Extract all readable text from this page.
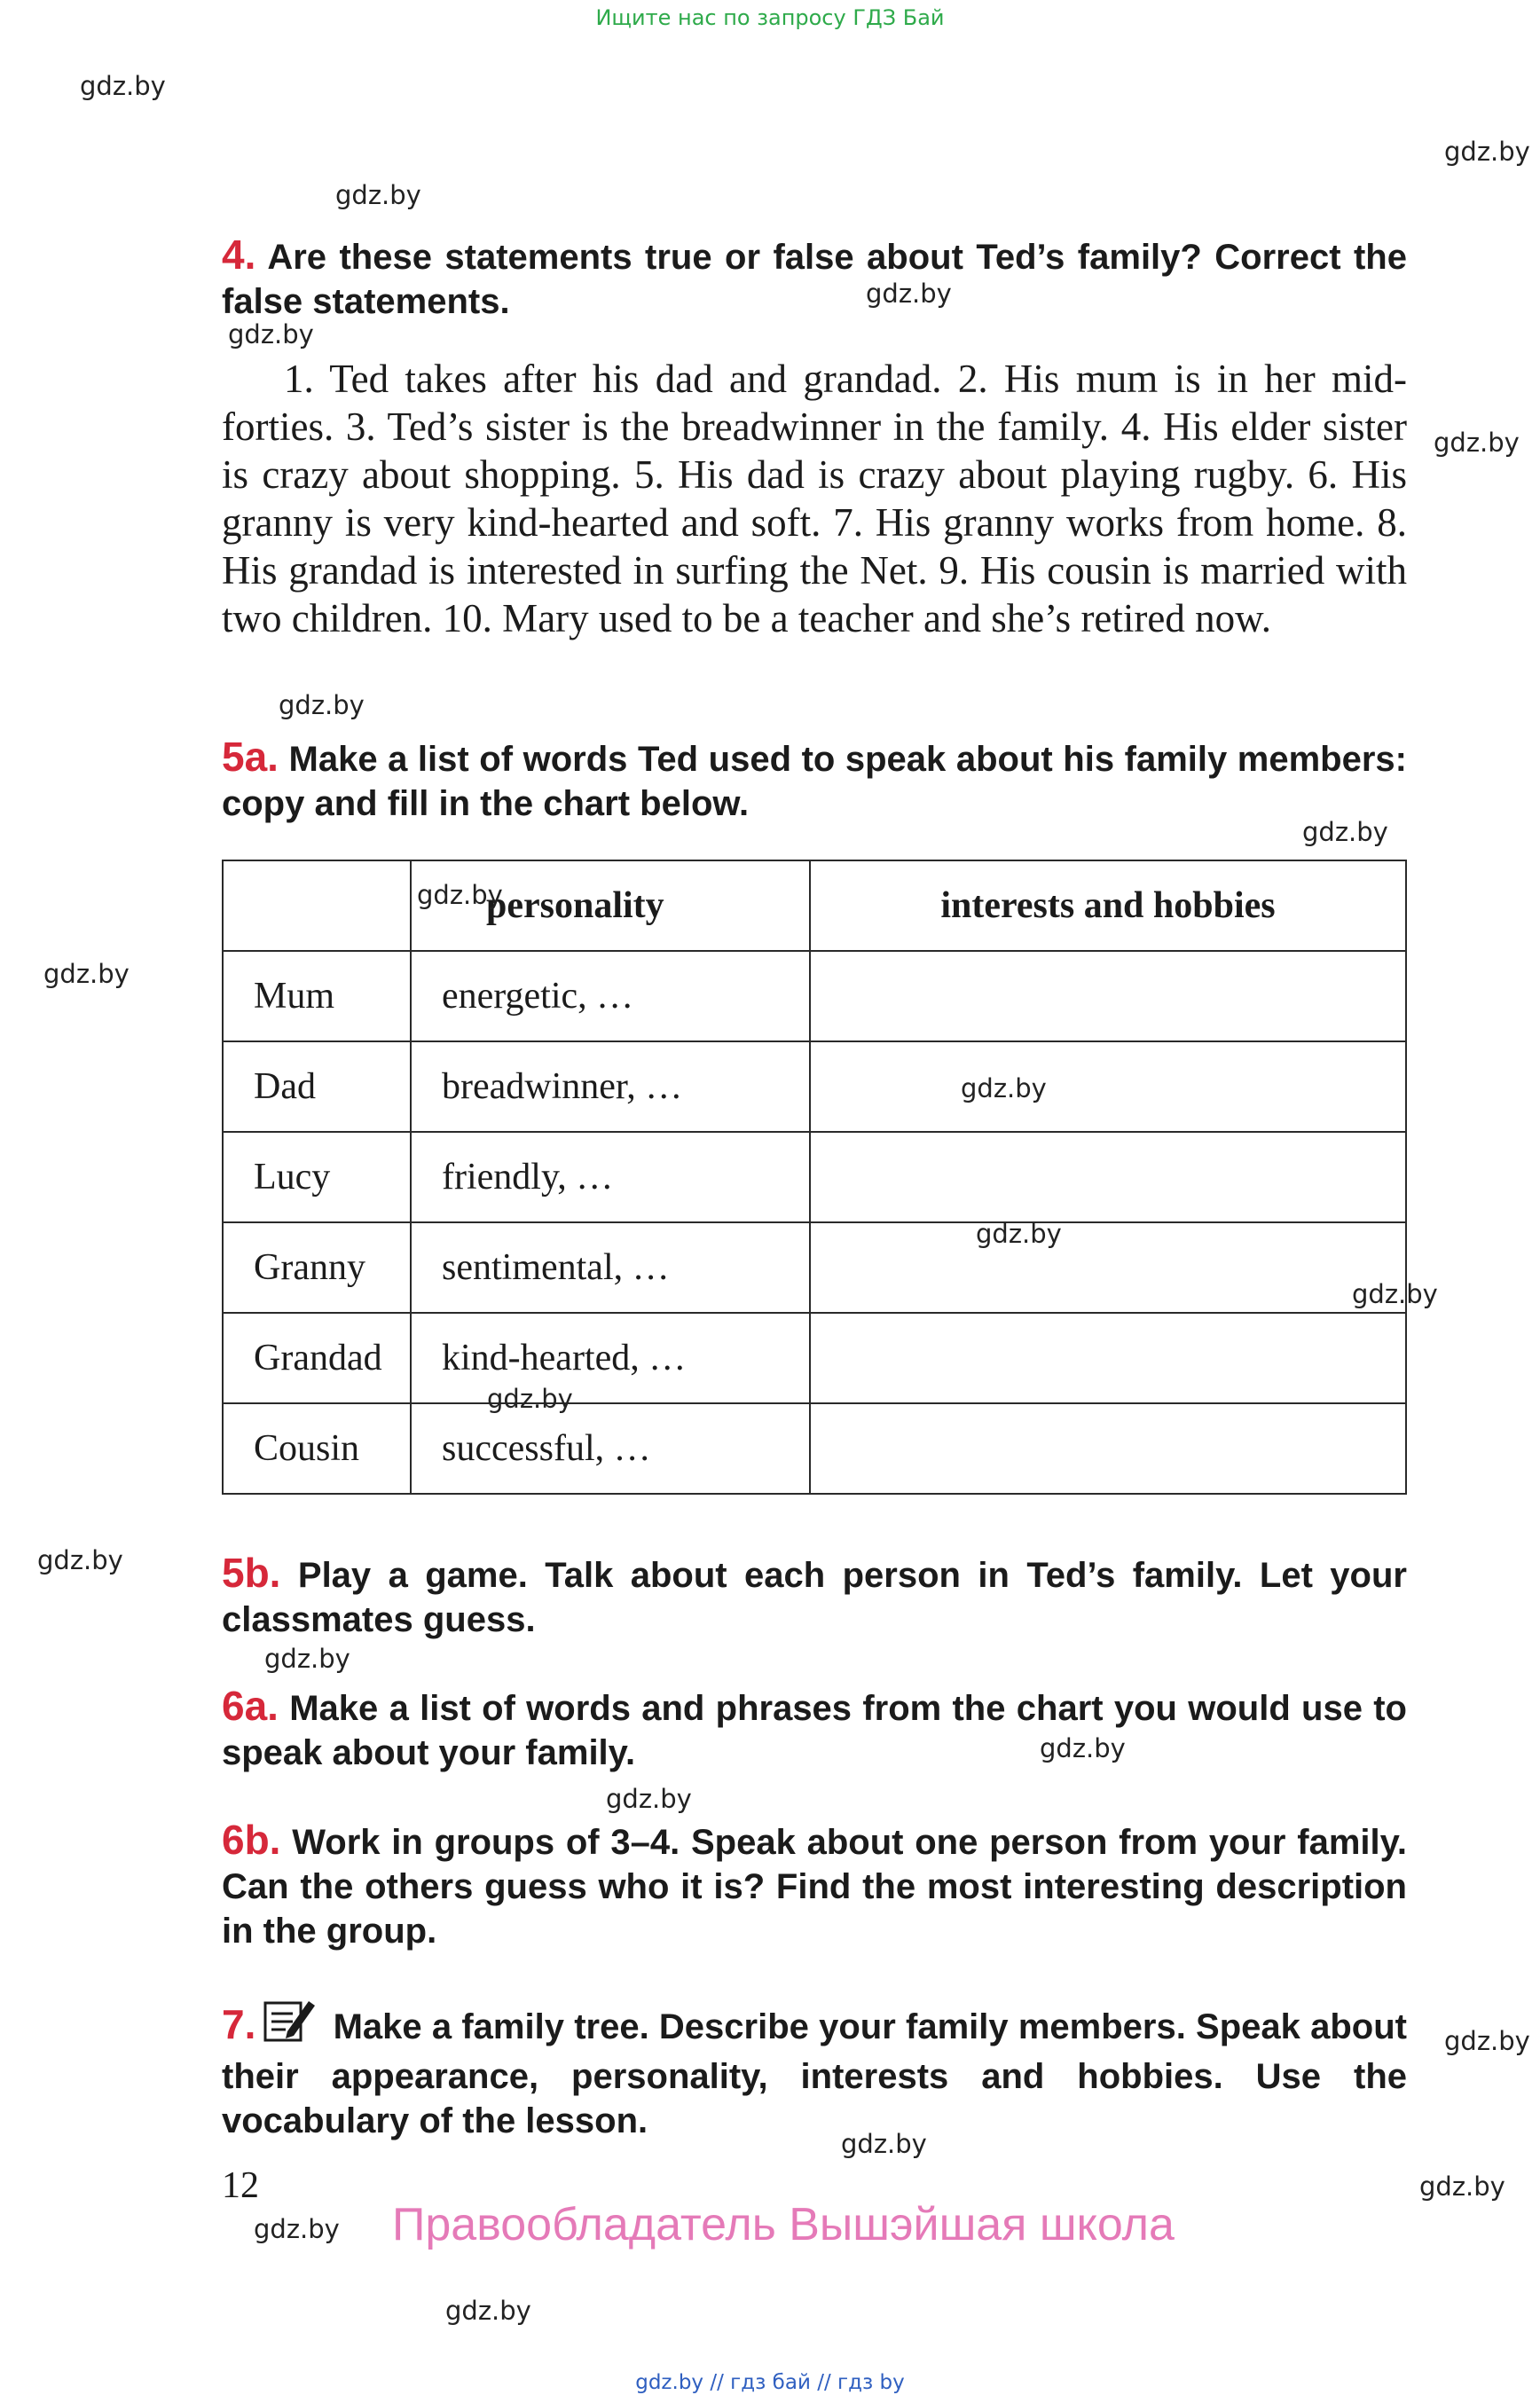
Ищите нас по запросу ГДЗ Бай
gdz.by
gdz.by
gdz.by
gdz.by
gdz.by
gdz.by
gdz.by
gdz.by
gdz.by
gdz.by
gdz.by
gdz.by
gdz.by
gdz.by
gdz.by
gdz.by
gdz.by
gdz.by
4. Are these statements true or false about Ted’s family? Correct the false statements.
1. Ted takes after his dad and grandad. 2. His mum is in her mid-forties. 3. Ted’s sister is the breadwinner in the family. 4. His elder sister is crazy about shopping. 5. His dad is crazy about playing rugby. 6. His granny is very kind-hearted and soft. 7. His granny works from home. 8. His grandad is interested in surfing the Net. 9. His cousin is married with two children. 10. Mary used to be a teacher and she’s retired now.
5a. Make a list of words Ted used to speak about his family members: copy and fill in the chart below.
	personality	interests and hobbies
Mum	energetic, …	
Dad	breadwinner, …	
Lucy	friendly, …	
Granny	sentimental, …	
Grandad	kind-hearted, …	
Cousin	successful, …	
gdz.by
gdz.by
gdz.by
gdz.by
gdz.by
5b. Play a game. Talk about each person in Ted’s family. Let your classmates guess.
6a. Make a list of words and phrases from the chart you would use to speak about your family.
6b. Work in groups of 3–4. Speak about one person from your family. Can the others guess who it is? Find the most interesting description in the group.
7. Make a family tree. Describe your family members. Speak about their appearance, personality, interests and hobbies. Use the vocabulary of the lesson.
12
Правообладатель Вышэйшая школа
gdz.by // гдз бай // гдз by
